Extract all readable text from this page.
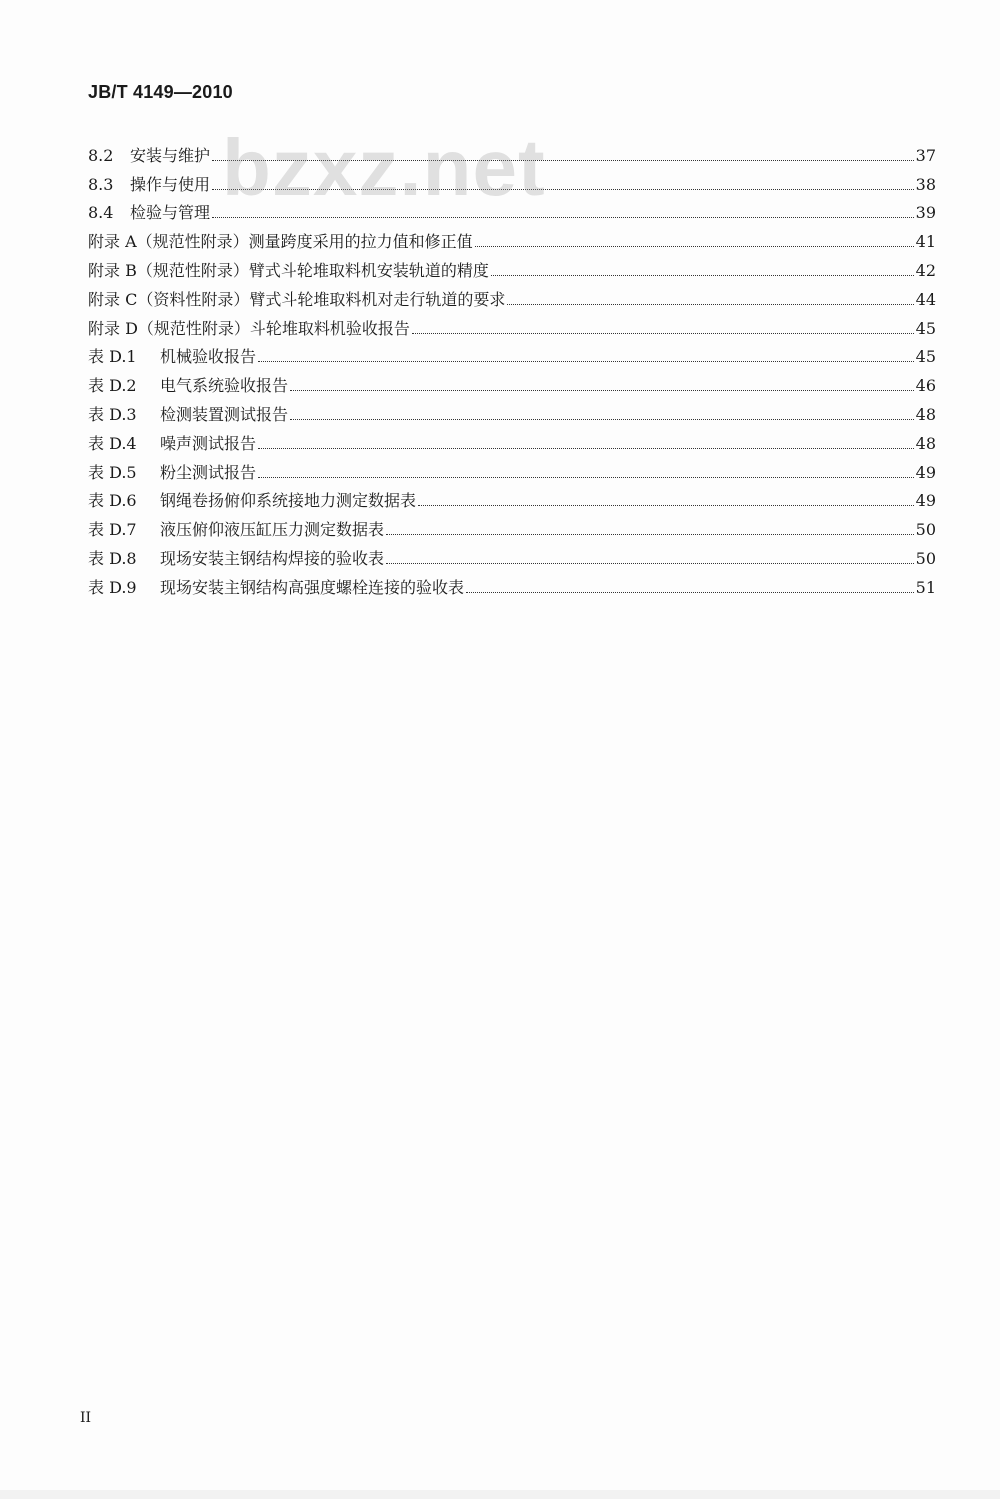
JB/T 4149—2010
8.2	安装与维护	37
8.3	操作与使用	38
8.4	检验与管理	39
附录 A（规范性附录）测量跨度采用的拉力值和修正值	41
附录 B（规范性附录）臂式斗轮堆取料机安装轨道的精度	42
附录 C（资料性附录）臂式斗轮堆取料机对走行轨道的要求	44
附录 D（规范性附录）斗轮堆取料机验收报告	45
表 D.1	机械验收报告	45
表 D.2	电气系统验收报告	46
表 D.3	检测装置测试报告	48
表 D.4	噪声测试报告	48
表 D.5	粉尘测试报告	49
表 D.6	钢绳卷扬俯仰系统接地力测定数据表	49
表 D.7	液压俯仰液压缸压力测定数据表	50
表 D.8	现场安装主钢结构焊接的验收表	50
表 D.9	现场安装主钢结构高强度螺栓连接的验收表	51
bzxz.net
II
